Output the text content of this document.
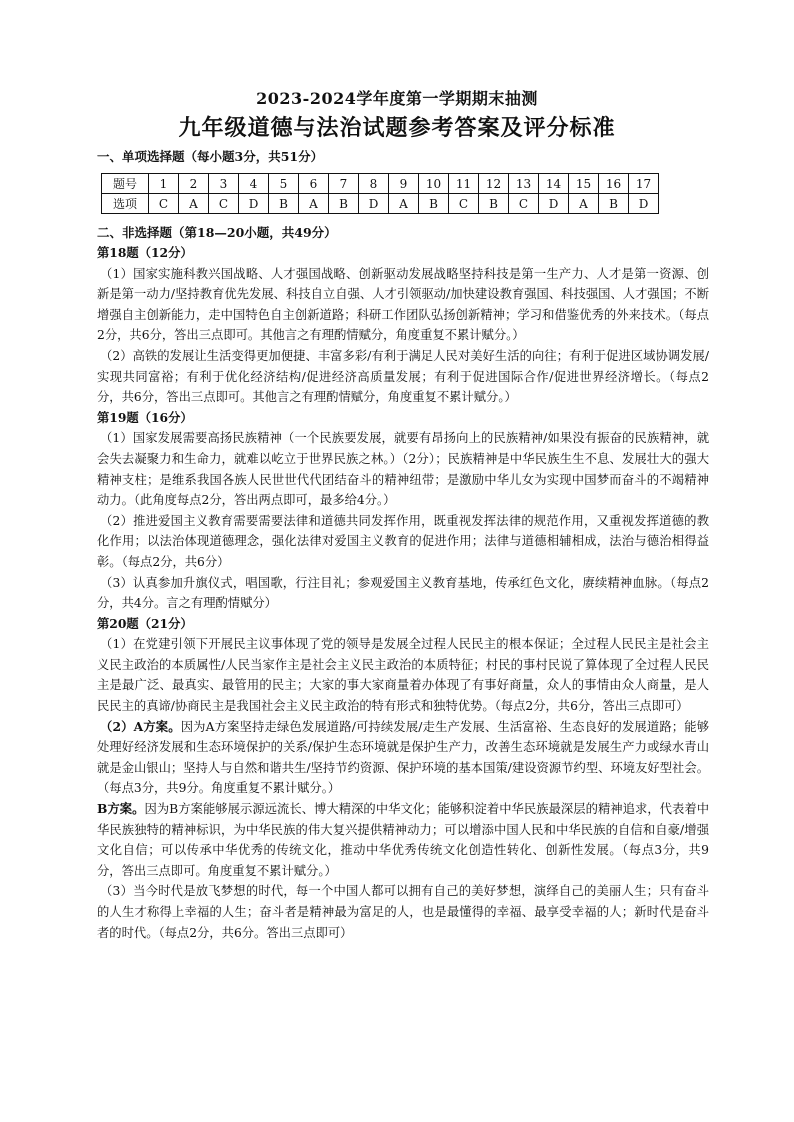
2023-2024学年度第一学期期末抽测
九年级道德与法治试题参考答案及评分标准
一、单项选择题（每小题3分，共51分）
题号	1	2	3	4	5	6	7	8	9	10	11	12	13	14	15	16	17
选项	C	A	C	D	B	A	B	D	A	B	C	B	C	D	A	B	D
二、非选择题（第18—20小题，共49分）

第18题（12分）

（1）国家实施科教兴国战略、人才强国战略、创新驱动发展战略坚持科技是第一生产力、人才是第一资源、创新是第一动力/坚持教育优先发展、科技自立自强、人才引领驱动/加快建设教育强国、科技强国、人才强国；不断增强自主创新能力，走中国特色自主创新道路；科研工作团队弘扬创新精神；学习和借鉴优秀的外来技术。（每点2分，共6分，答出三点即可。其他言之有理酌情赋分，角度重复不累计赋分。）

（2）高铁的发展让生活变得更加便捷、丰富多彩/有利于满足人民对美好生活的向往；有利于促进区域协调发展/实现共同富裕；有利于优化经济结构/促进经济高质量发展；有利于促进国际合作/促进世界经济增长。（每点2分，共6分，答出三点即可。其他言之有理酌情赋分，角度重复不累计赋分。）

第19题（16分）

（1）国家发展需要高扬民族精神（一个民族要发展，就要有昂扬向上的民族精神/如果没有振奋的民族精神，就会失去凝聚力和生命力，就难以屹立于世界民族之林。）（2分）；民族精神是中华民族生生不息、发展壮大的强大精神支柱；是维系我国各族人民世世代代团结奋斗的精神纽带；是激励中华儿女为实现中国梦而奋斗的不竭精神动力。（此角度每点2分，答出两点即可，最多给4分。）

（2）推进爱国主义教育需要需要法律和道德共同发挥作用，既重视发挥法律的规范作用，又重视发挥道德的教化作用；以法治体现道德理念，强化法律对爱国主义教育的促进作用；法律与道德相辅相成，法治与德治相得益彰。（每点2分，共6分）

（3）认真参加升旗仪式，唱国歌，行注目礼；参观爱国主义教育基地，传承红色文化，赓续精神血脉。（每点2分，共4分。言之有理酌情赋分）

第20题（21分）

（1）在党建引领下开展民主议事体现了党的领导是发展全过程人民民主的根本保证；全过程人民民主是社会主义民主政治的本质属性/人民当家作主是社会主义民主政治的本质特征；村民的事村民说了算体现了全过程人民民主是最广泛、最真实、最管用的民主；大家的事大家商量着办体现了有事好商量，众人的事情由众人商量，是人民民主的真谛/协商民主是我国社会主义民主政治的特有形式和独特优势。（每点2分，共6分，答出三点即可）

（2）A方案。因为A方案坚持走绿色发展道路/可持续发展/走生产发展、生活富裕、生态良好的发展道路；能够处理好经济发展和生态环境保护的关系/保护生态环境就是保护生产力，改善生态环境就是发展生产力或绿水青山就是金山银山；坚持人与自然和谐共生/坚持节约资源、保护环境的基本国策/建设资源节约型、环境友好型社会。（每点3分，共9分。角度重复不累计赋分。）

B方案。因为B方案能够展示源远流长、博大精深的中华文化；能够积淀着中华民族最深层的精神追求，代表着中华民族独特的精神标识，为中华民族的伟大复兴提供精神动力；可以增添中国人民和中华民族的自信和自豪/增强文化自信；可以传承中华优秀的传统文化，推动中华优秀传统文化创造性转化、创新性发展。（每点3分，共9分，答出三点即可。角度重复不累计赋分。）

（3）当今时代是放飞梦想的时代，每一个中国人都可以拥有自己的美好梦想，演绎自己的美丽人生；只有奋斗的人生才称得上幸福的人生；奋斗者是精神最为富足的人，也是最懂得的幸福、最享受幸福的人；新时代是奋斗者的时代。（每点2分，共6分。答出三点即可）
